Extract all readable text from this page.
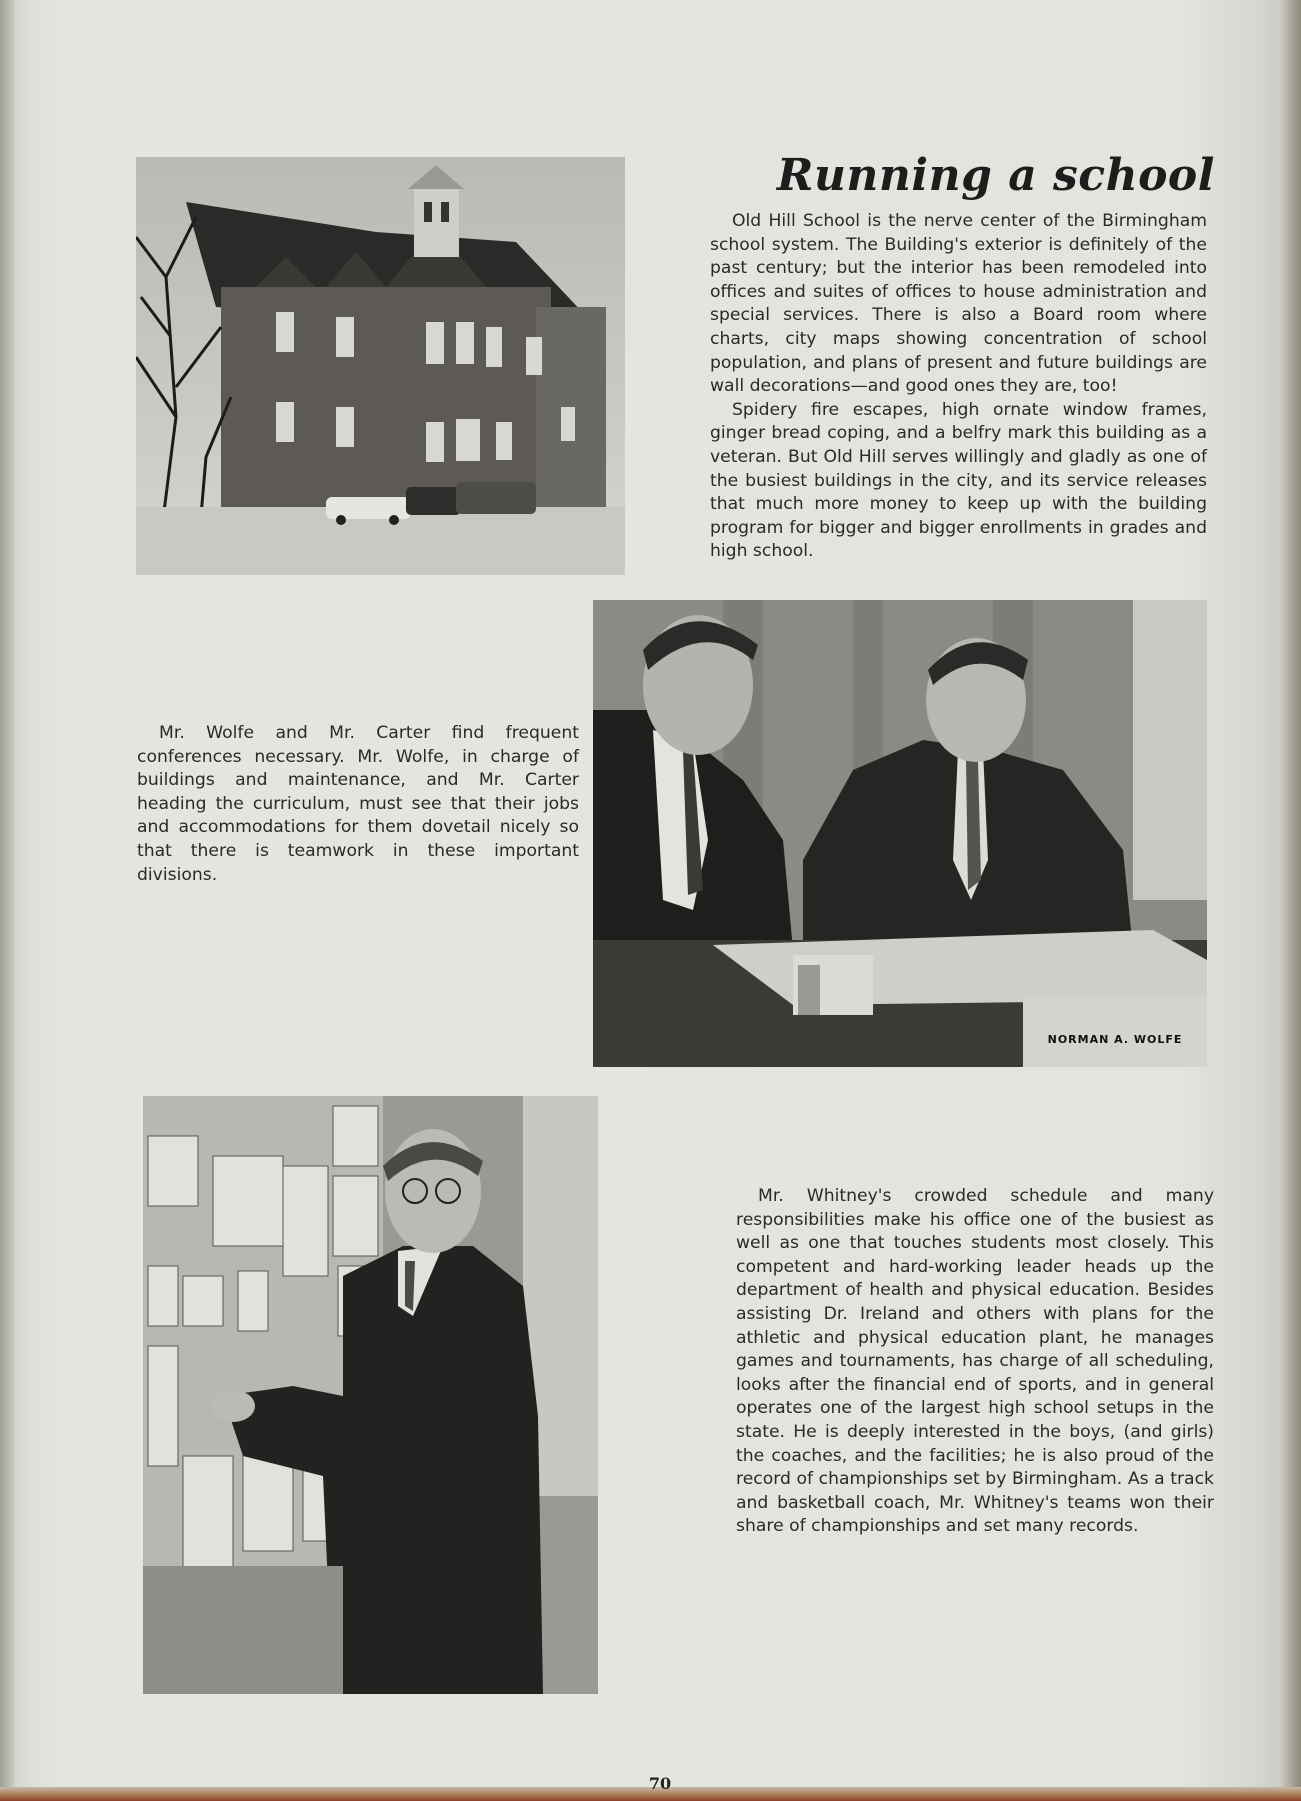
Running a school

Old Hill School is the nerve center of the Birmingham school system. The Building's exterior is definitely of the past century; but the interior has been remodeled into offices and suites of offices to house administration and special services. There is also a Board room where charts, city maps showing concentration of school population, and plans of present and future buildings are wall decorations—and good ones they are, too!

Spidery fire escapes, high ornate window frames, ginger bread coping, and a belfry mark this building as a veteran. But Old Hill serves willingly and gladly as one of the busiest buildings in the city, and its service releases that much more money to keep up with the building program for bigger and bigger enrollments in grades and high school.

Mr. Wolfe and Mr. Carter find frequent conferences necessary. Mr. Wolfe, in charge of buildings and maintenance, and Mr. Carter heading the curriculum, must see that their jobs and accommodations for them dovetail nicely so that there is teamwork in these important divisions.

NORMAN A. WOLFE

Mr. Whitney's crowded schedule and many responsibilities make his office one of the busiest as well as one that touches students most closely. This competent and hard-working leader heads up the department of health and physical education. Besides assisting Dr. Ireland and others with plans for the athletic and physical education plant, he manages games and tournaments, has charge of all scheduling, looks after the financial end of sports, and in general operates one of the largest high school setups in the state. He is deeply interested in the boys, (and girls) the coaches, and the facilities; he is also proud of the record of championships set by Birmingham. As a track and basketball coach, Mr. Whitney's teams won their share of championships and set many records.

70
